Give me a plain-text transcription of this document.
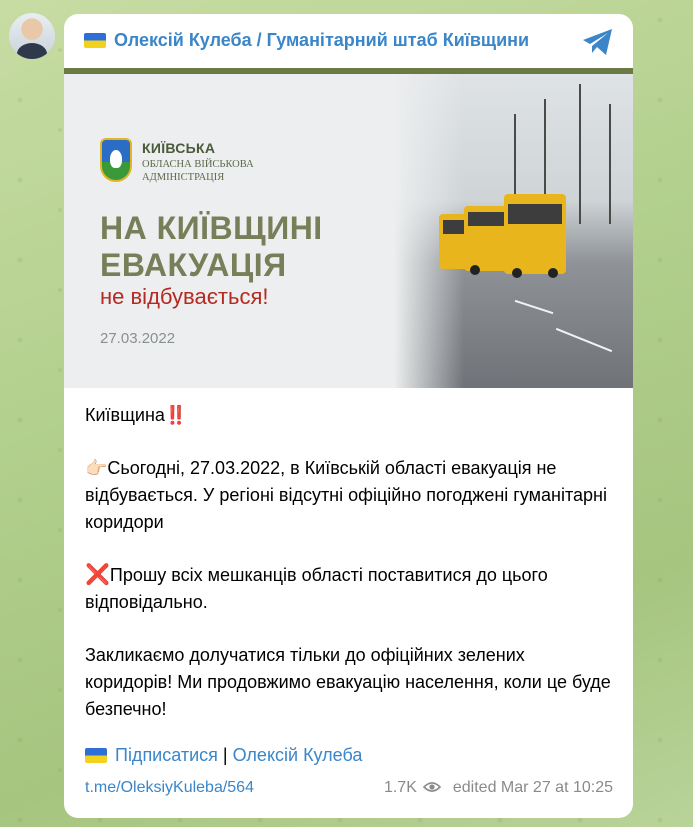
Олексій Кулеба / Гуманітарний штаб Київщини
КИЇВСЬКА
ОБЛАСНА ВІЙСЬКОВА
АДМІНІСТРАЦІЯ
НА КИЇВЩИНІ
ЕВАКУАЦІЯ
не відбувається!
27.03.2022

Київщина‼️

👉🏻Сьогодні, 27.03.2022, в Київській області евакуація не відбувається. У регіоні відсутні офіційно погоджені гуманітарні коридори

❌Прошу всіх мешканців області поставитися до цього відповідально.

Закликаємо долучатися тільки до офіційних зелених коридорів! Ми продовжимо евакуацію населення, коли це буде безпечно!

Підписатися | Олексій Кулеба
t.me/OleksiyKuleba/564	1.7K edited Mar 27 at 10:25
